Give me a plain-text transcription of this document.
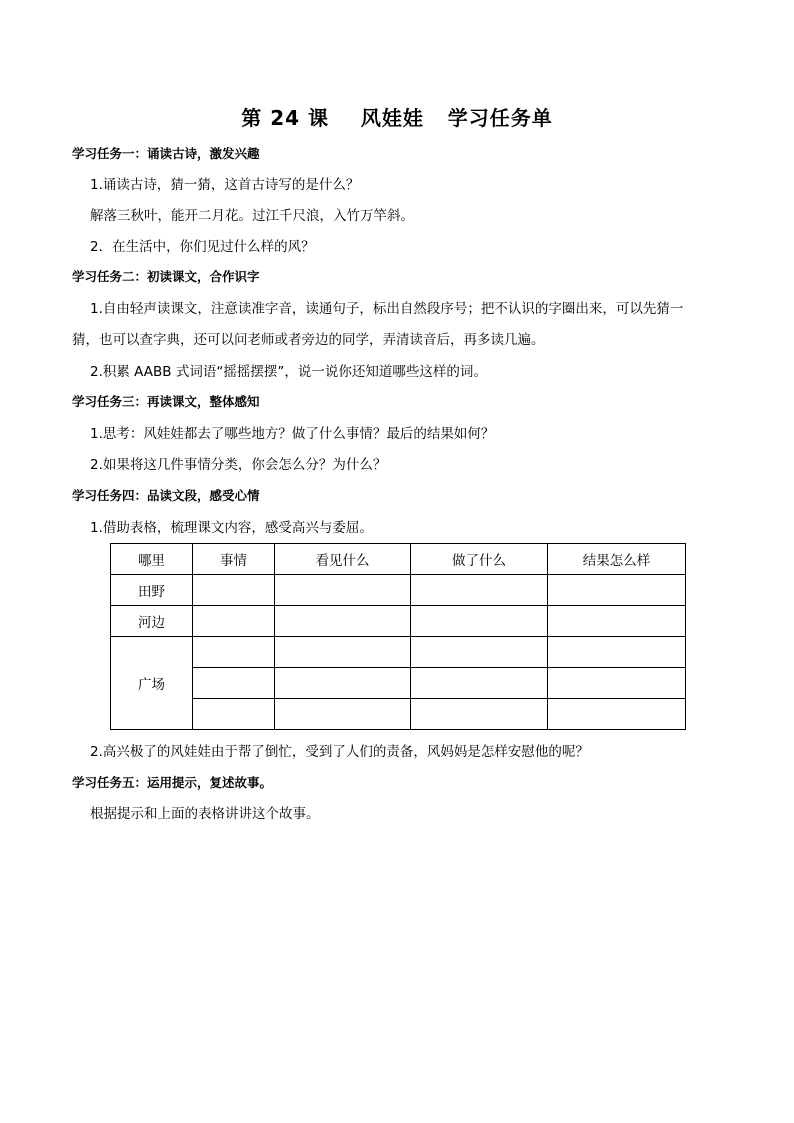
第 24 课    风娃娃   学习任务单
学习任务一：诵读古诗，激发兴趣
1.诵读古诗，猜一猜，这首古诗写的是什么？
解落三秋叶，能开二月花。过江千尺浪，入竹万竿斜。
2．在生活中，你们见过什么样的风？
学习任务二：初读课文，合作识字
1.自由轻声读课文，注意读准字音，读通句子，标出自然段序号；把不认识的字圈出来，可以先猜一
猜，也可以查字典，还可以问老师或者旁边的同学，弄清读音后，再多读几遍。
2.积累 AABB 式词语“摇摇摆摆”，说一说你还知道哪些这样的词。
学习任务三：再读课文，整体感知
1.思考：风娃娃都去了哪些地方？做了什么事情？最后的结果如何？
2.如果将这几件事情分类，你会怎么分？为什么？
学习任务四：品读文段，感受心情
1.借助表格，梳理课文内容，感受高兴与委屈。
哪里	事情	看见什么	做了什么	结果怎么样
田野				
河边				
广场				

2.高兴极了的风娃娃由于帮了倒忙，受到了人们的责备，风妈妈是怎样安慰他的呢？
学习任务五：运用提示，复述故事。
根据提示和上面的表格讲讲这个故事。
